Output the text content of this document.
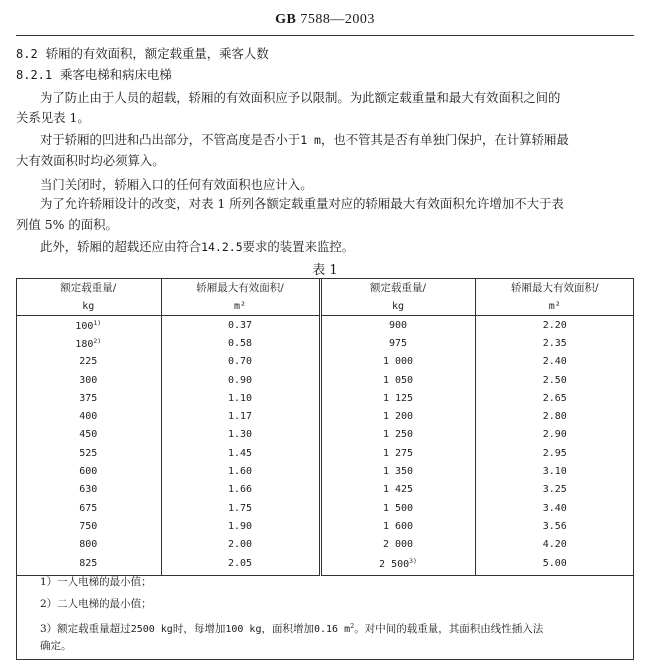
GB 7588—2003
8.2 轿厢的有效面积，额定载重量，乘客人数
8.2.1 乘客电梯和病床电梯
为了防止由于人员的超载，轿厢的有效面积应予以限制。为此额定载重量和最大有效面积之间的
关系见表 1。
对于轿厢的凹进和凸出部分，不管高度是否小于1 m，也不管其是否有单独门保护，在计算轿厢最
大有效面积时均必须算入。
当门关闭时，轿厢入口的任何有效面积也应计入。
为了允许轿厢设计的改变，对表 1 所列各额定载重量对应的轿厢最大有效面积允许增加不大于表
列值 5% 的面积。
此外，轿厢的超载还应由符合14.2.5要求的装置来监控。
表 1
额定载重量/	轿厢最大有效面积/	额定载重量/	轿厢最大有效面积/
kg	m²	kg	m²
100$^{1)}$	0.37	900	2.20
180$^{2)}$	0.58	975	2.35
225	0.70	1 000	2.40
300	0.90	1 050	2.50
375	1.10	1 125	2.65
400	1.17	1 200	2.80
450	1.30	1 250	2.90
525	1.45	1 275	2.95
600	1.60	1 350	3.10
630	1.66	1 425	3.25
675	1.75	1 500	3.40
750	1.90	1 600	3.56
800	2.00	2 000	4.20
825	2.05	2 500$^{3)}$	5.00
1）一人电梯的最小值；
2）二人电梯的最小值；
3）额定载重量超过2500 kg时，每增加100 kg，面积增加0.16 $m^2$。对中间的载重量，其面积由线性插入法
确定。
